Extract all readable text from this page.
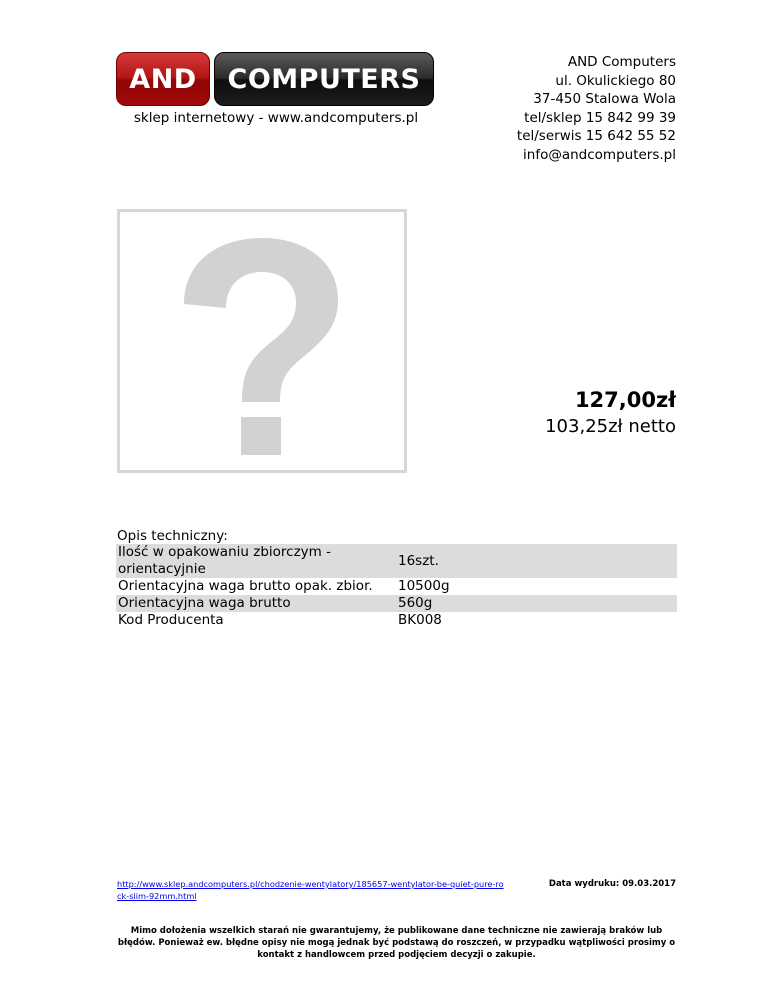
AND	COMPUTERS
sklep internetowy - www.andcomputers.pl
AND Computers
ul. Okulickiego 80
37-450 Stalowa Wola
tel/sklep 15 842 99 39
tel/serwis 15 642 55 52
info@andcomputers.pl
127,00zł
103,25zł netto
Opis techniczny:
Ilość w opakowaniu zbiorczym - orientacyjnie	16szt.
Orientacyjna waga brutto opak. zbior.	10500g
Orientacyjna waga brutto	560g
Kod Producenta	BK008
http://www.sklep.andcomputers.pl/chodzenie-wentylatory/185657-wentylator-be-quiet-pure-rock-slim-92mm.html
Data wydruku: 09.03.2017
Mimo dołożenia wszelkich starań nie gwarantujemy, że publikowane dane techniczne nie zawierają braków lub błędów. Ponieważ ew. błędne opisy nie mogą jednak być podstawą do roszczeń, w przypadku wątpliwości prosimy o kontakt z handlowcem przed podjęciem decyzji o zakupie.
